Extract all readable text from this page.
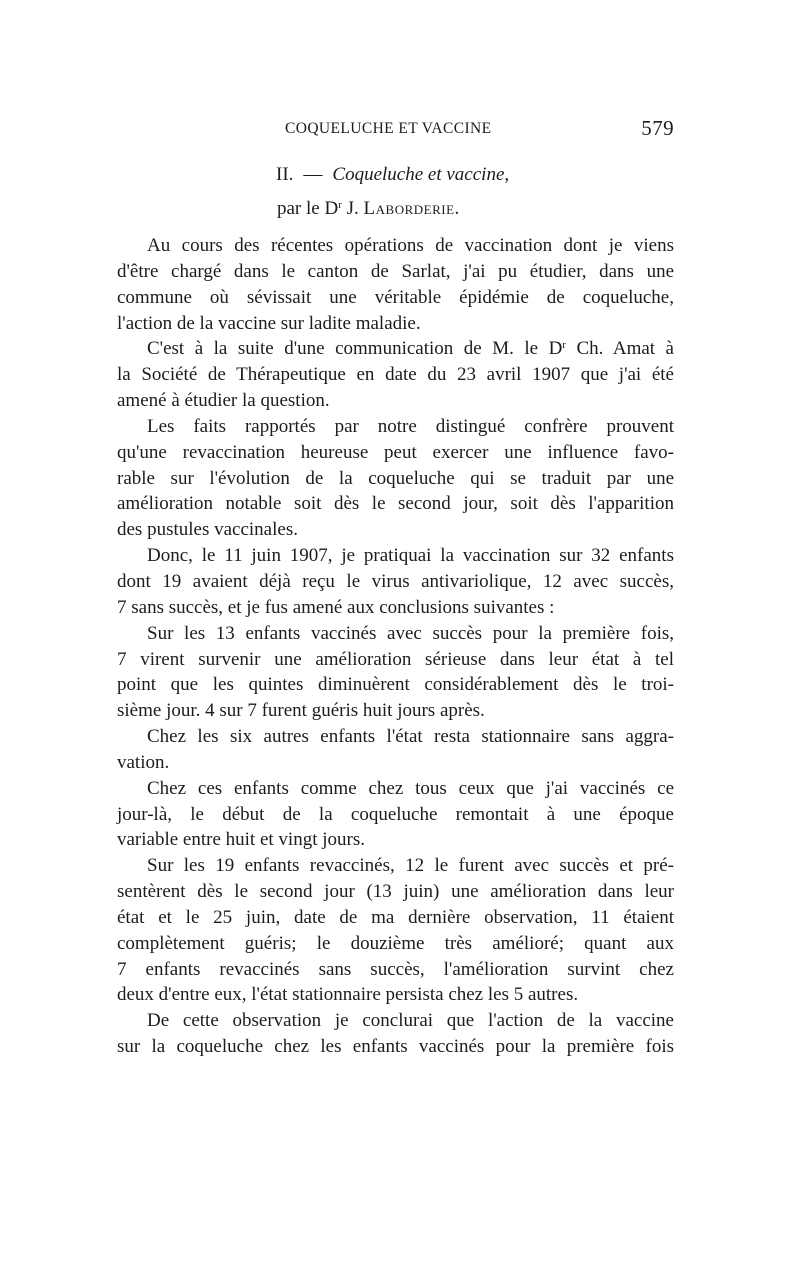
COQUELUCHE ET VACCINE	579
II. — Coqueluche et vaccine,
par le $D^r$ J. Laborderie.
Au cours des récentes opérations de vaccination dont je viens
d'être chargé dans le canton de Sarlat, j'ai pu étudier, dans une
commune où sévissait une véritable épidémie de coqueluche,
l'action de la vaccine sur ladite maladie.
C'est à la suite d'une communication de M. le $D^r$ Ch. Amat à
la Société de Thérapeutique en date du 23 avril 1907 que j'ai été
amené à étudier la question.
Les faits rapportés par notre distingué confrère prouvent
qu'une revaccination heureuse peut exercer une influence favo-
rable sur l'évolution de la coqueluche qui se traduit par une
amélioration notable soit dès le second jour, soit dès l'apparition
des pustules vaccinales.
Donc, le 11 juin 1907, je pratiquai la vaccination sur 32 enfants
dont 19 avaient déjà reçu le virus antivariolique, 12 avec succès,
7 sans succès, et je fus amené aux conclusions suivantes :
Sur les 13 enfants vaccinés avec succès pour la première fois,
7 virent survenir une amélioration sérieuse dans leur état à tel
point que les quintes diminuèrent considérablement dès le troi-
sième jour. 4 sur 7 furent guéris huit jours après.
Chez les six autres enfants l'état resta stationnaire sans aggra-
vation.
Chez ces enfants comme chez tous ceux que j'ai vaccinés ce
jour-là, le début de la coqueluche remontait à une époque
variable entre huit et vingt jours.
Sur les 19 enfants revaccinés, 12 le furent avec succès et pré-
sentèrent dès le second jour (13 juin) une amélioration dans leur
état et le 25 juin, date de ma dernière observation, 11 étaient
complètement guéris; le douzième très amélioré; quant aux
7 enfants revaccinés sans succès, l'amélioration survint chez
deux d'entre eux, l'état stationnaire persista chez les 5 autres.
De cette observation je conclurai que l'action de la vaccine
sur la coqueluche chez les enfants vaccinés pour la première fois
